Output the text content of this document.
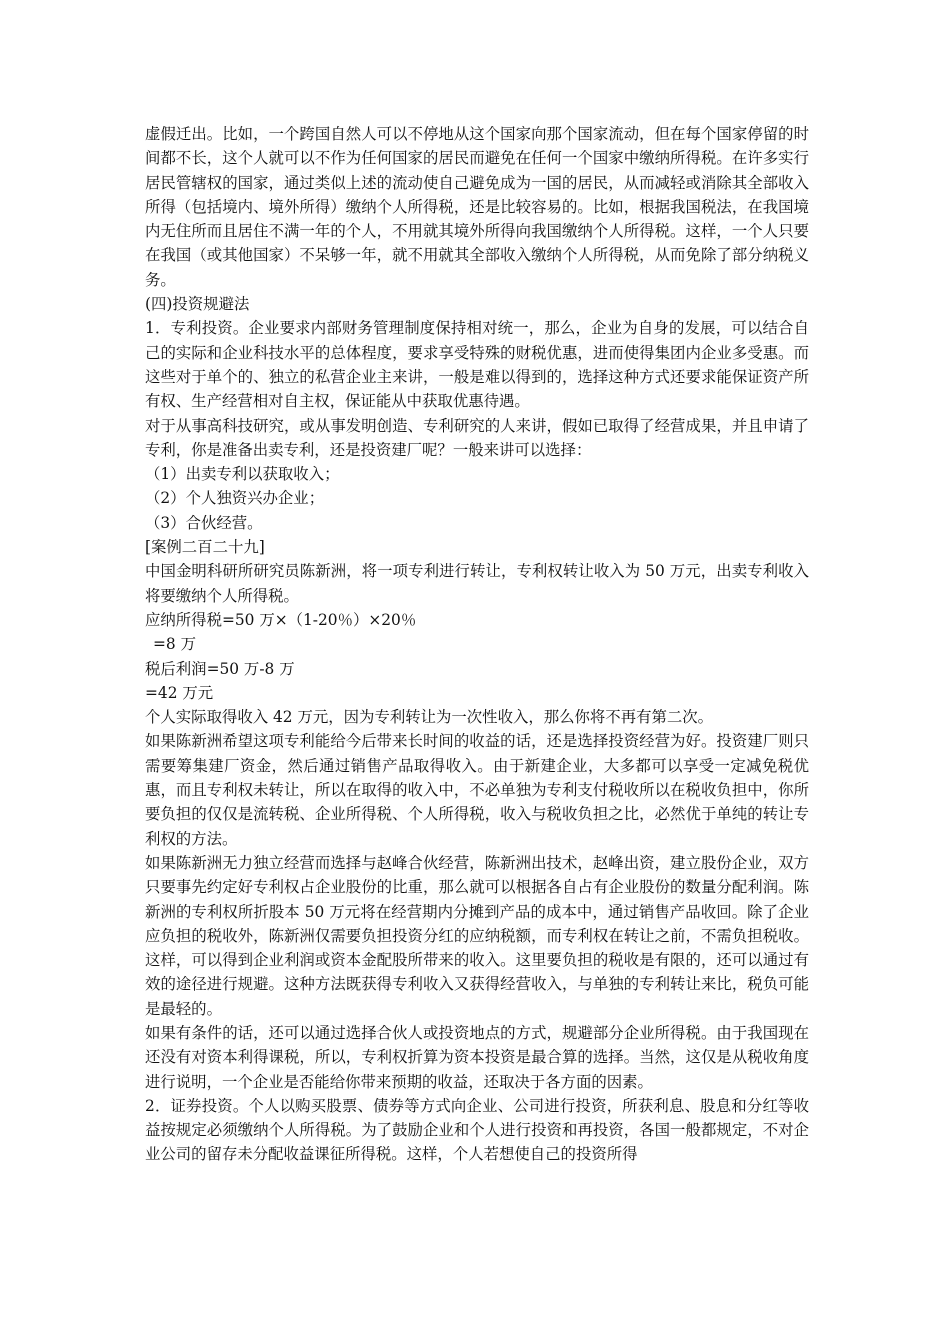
虚假迁出。比如，一个跨国自然人可以不停地从这个国家向那个国家流动，但在每个国家停留的时间都不长，这个人就可以不作为任何国家的居民而避免在任何一个国家中缴纳所得税。在许多实行居民管辖权的国家，通过类似上述的流动使自己避免成为一国的居民，从而减轻或消除其全部收入所得（包括境内、境外所得）缴纳个人所得税，还是比较容易的。比如，根据我国税法，在我国境内无住所而且居住不满一年的个人，不用就其境外所得向我国缴纳个人所得税。这样，一个人只要在我国（或其他国家）不呆够一年，就不用就其全部收入缴纳个人所得税，从而免除了部分纳税义务。

(四)投资规避法

1．专利投资。企业要求内部财务管理制度保持相对统一，那么，企业为自身的发展，可以结合自己的实际和企业科技水平的总体程度，要求享受特殊的财税优惠，进而使得集团内企业多受惠。而这些对于单个的、独立的私营企业主来讲，一般是难以得到的，选择这种方式还要求能保证资产所有权、生产经营相对自主权，保证能从中获取优惠待遇。

对于从事高科技研究，或从事发明创造、专利研究的人来讲，假如已取得了经营成果，并且申请了专利，你是准备出卖专利，还是投资建厂呢？一般来讲可以选择：

（1）出卖专利以获取收入；

（2）个人独资兴办企业；

（3）合伙经营。

[案例二百二十九]

中国金明科研所研究员陈新洲，将一项专利进行转让，专利权转让收入为 50 万元，出卖专利收入将要缴纳个人所得税。

应纳所得税=50 万×（1-20％）×20％

=8 万

税后利润=50 万-8 万

=42 万元

个人实际取得收入 42 万元，因为专利转让为一次性收入，那么你将不再有第二次。

如果陈新洲希望这项专利能给今后带来长时间的收益的话，还是选择投资经营为好。投资建厂则只需要筹集建厂资金，然后通过销售产品取得收入。由于新建企业，大多都可以享受一定减免税优惠，而且专利权未转让，所以在取得的收入中，不必单独为专利支付税收所以在税收负担中，你所要负担的仅仅是流转税、企业所得税、个人所得税，收入与税收负担之比，必然优于单纯的转让专利权的方法。

如果陈新洲无力独立经营而选择与赵峰合伙经营，陈新洲出技术，赵峰出资，建立股份企业，双方只要事先约定好专利权占企业股份的比重，那么就可以根据各自占有企业股份的数量分配利润。陈新洲的专利权所折股本 50 万元将在经营期内分摊到产品的成本中，通过销售产品收回。除了企业应负担的税收外，陈新洲仅需要负担投资分红的应纳税额，而专利权在转让之前，不需负担税收。这样，可以得到企业利润或资本金配股所带来的收入。这里要负担的税收是有限的，还可以通过有效的途径进行规避。这种方法既获得专利收入又获得经营收入，与单独的专利转让来比，税负可能是最轻的。

如果有条件的话，还可以通过选择合伙人或投资地点的方式，规避部分企业所得税。由于我国现在还没有对资本利得课税，所以，专利权折算为资本投资是最合算的选择。当然，这仅是从税收角度进行说明，一个企业是否能给你带来预期的收益，还取决于各方面的因素。

2．证券投资。个人以购买股票、债券等方式向企业、公司进行投资，所获利息、股息和分红等收益按规定必须缴纳个人所得税。为了鼓励企业和个人进行投资和再投资，各国一般都规定，不对企业公司的留存未分配收益课征所得税。这样，个人若想使自己的投资所得
